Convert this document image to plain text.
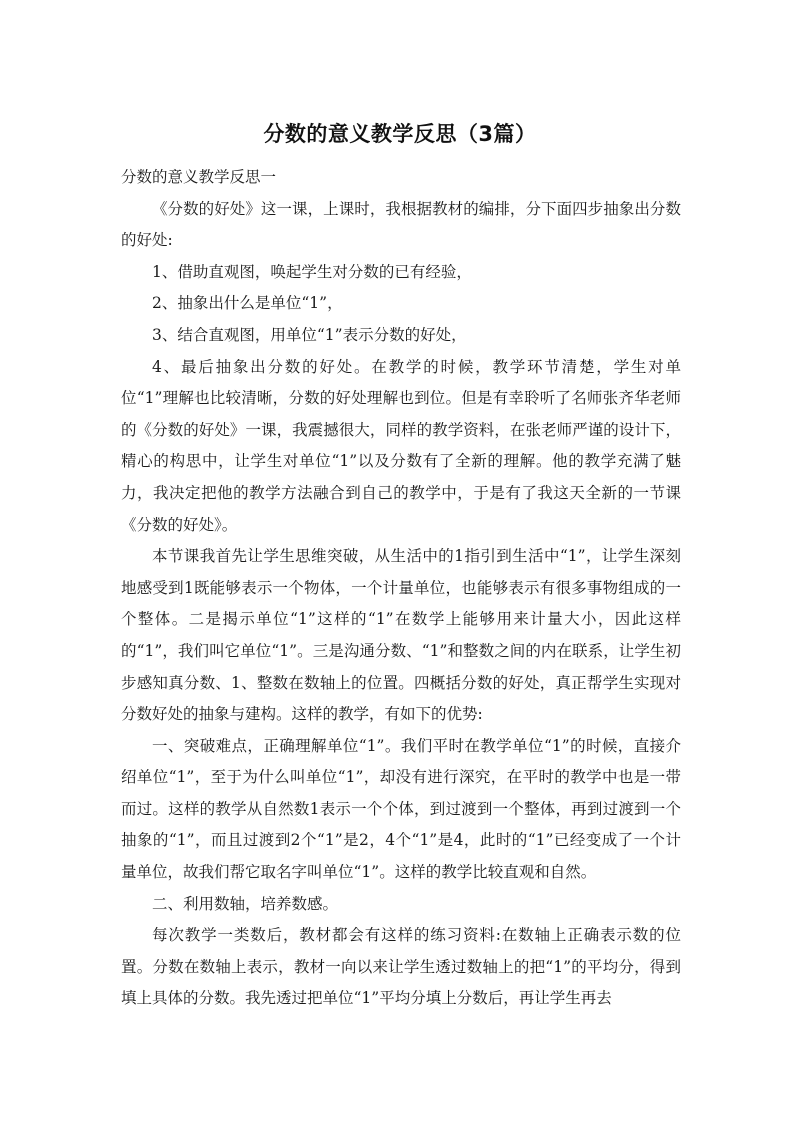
分数的意义教学反思（3篇）

分数的意义教学反思一

《分数的好处》这一课，上课时，我根据教材的编排，分下面四步抽象出分数的好处:

1、借助直观图，唤起学生对分数的已有经验，

2、抽象出什么是单位“1”，

3、结合直观图，用单位“1”表示分数的好处，

4、最后抽象出分数的好处。在教学的时候，教学环节清楚，学生对单位“1”理解也比较清晰，分数的好处理解也到位。但是有幸聆听了名师张齐华老师的《分数的好处》一课，我震撼很大，同样的教学资料，在张老师严谨的设计下，精心的构思中，让学生对单位“1”以及分数有了全新的理解。他的教学充满了魅力，我决定把他的教学方法融合到自己的教学中，于是有了我这天全新的一节课《分数的好处》。

本节课我首先让学生思维突破，从生活中的1指引到生活中“1”，让学生深刻地感受到1既能够表示一个物体，一个计量单位，也能够表示有很多事物组成的一个整体。二是揭示单位“1”这样的“1”在数学上能够用来计量大小，因此这样的“1”，我们叫它单位“1”。三是沟通分数、“1”和整数之间的内在联系，让学生初步感知真分数、1、整数在数轴上的位置。四概括分数的好处，真正帮学生实现对分数好处的抽象与建构。这样的教学，有如下的优势:

一、突破难点，正确理解单位“1”。我们平时在教学单位“1”的时候，直接介绍单位“1”，至于为什么叫单位“1”，却没有进行深究，在平时的教学中也是一带而过。这样的教学从自然数1表示一个个体，到过渡到一个整体，再到过渡到一个抽象的“1”，而且过渡到2个“1”是2，4个“1”是4，此时的“1”已经变成了一个计量单位，故我们帮它取名字叫单位“1”。这样的教学比较直观和自然。

二、利用数轴，培养数感。

每次教学一类数后，教材都会有这样的练习资料:在数轴上正确表示数的位置。分数在数轴上表示，教材一向以来让学生透过数轴上的把“1”的平均分，得到填上具体的分数。我先透过把单位“1”平均分填上分数后，再让学生再去
